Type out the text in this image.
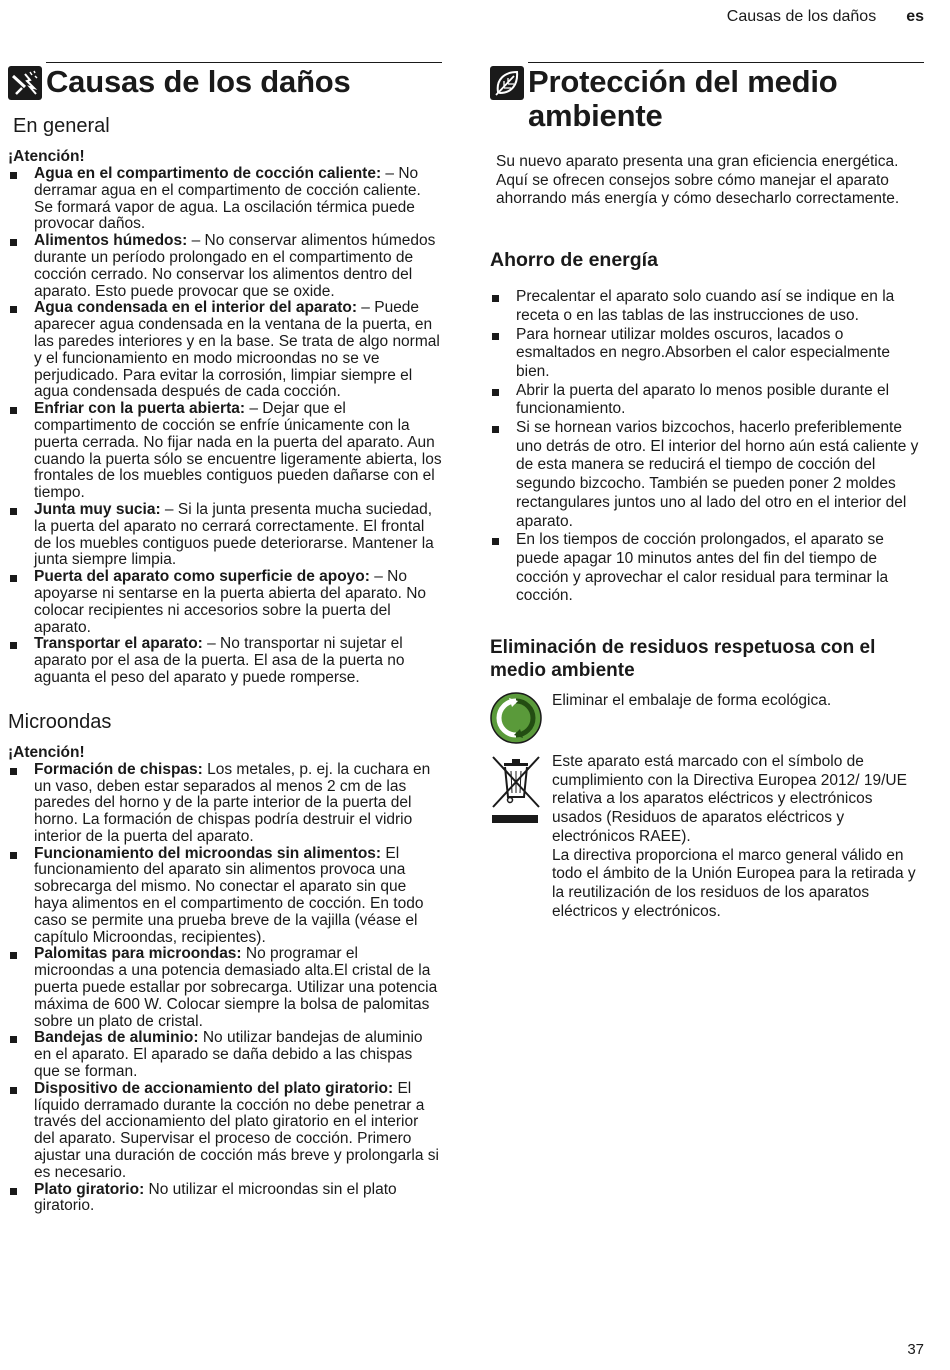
Causas de los daños es
Causas de los daños
En general

¡Atención!

Agua en el compartimento de cocción caliente: – No derramar agua en el compartimento de cocción caliente. Se formará vapor de agua. La oscilación térmica puede provocar daños.
Alimentos húmedos: – No conservar alimentos húmedos durante un período prolongado en el compartimento de cocción cerrado. No conservar los alimentos dentro del aparato. Esto puede provocar que se oxide.
Agua condensada en el interior del aparato: – Puede aparecer agua condensada en la ventana de la puerta, en las paredes interiores y en la base. Se trata de algo normal y el funcionamiento en modo microondas no se ve perjudicado. Para evitar la corrosión, limpiar siempre el agua condensada después de cada cocción.
Enfriar con la puerta abierta: – Dejar que el compartimento de cocción se enfríe únicamente con la puerta cerrada. No fijar nada en la puerta del aparato. Aun cuando la puerta sólo se encuentre ligeramente abierta, los frontales de los muebles contiguos pueden dañarse con el tiempo.
Junta muy sucia: – Si la junta presenta mucha suciedad, la puerta del aparato no cerrará correctamente. El frontal de los muebles contiguos puede deteriorarse. Mantener la junta siempre limpia.
Puerta del aparato como superficie de apoyo: – No apoyarse ni sentarse en la puerta abierta del aparato. No colocar recipientes ni accesorios sobre la puerta del aparato.
Transportar el aparato: – No transportar ni sujetar el aparato por el asa de la puerta. El asa de la puerta no aguanta el peso del aparato y puede romperse.
Microondas

¡Atención!

Formación de chispas: Los metales, p. ej. la cuchara en un vaso, deben estar separados al menos 2 cm de las paredes del horno y de la parte interior de la puerta del horno. La formación de chispas podría destruir el vidrio interior de la puerta del aparato.
Funcionamiento del microondas sin alimentos: El funcionamiento del aparato sin alimentos provoca una sobrecarga del mismo. No conectar el aparato sin que haya alimentos en el compartimento de cocción. En todo caso se permite una prueba breve de la vajilla (véase el capítulo Microondas, recipientes).
Palomitas para microondas: No programar el microondas a una potencia demasiado alta.El cristal de la puerta puede estallar por sobrecarga. Utilizar una potencia máxima de 600 W. Colocar siempre la bolsa de palomitas sobre un plato de cristal.
Bandejas de aluminio: No utilizar bandejas de aluminio en el aparato. El aparado se daña debido a las chispas que se forman.
Dispositivo de accionamiento del plato giratorio: El líquido derramado durante la cocción no debe penetrar a través del accionamiento del plato giratorio en el interior del aparato. Supervisar el proceso de cocción. Primero ajustar una duración de cocción más breve y prolongarla si es necesario.
Plato giratorio: No utilizar el microondas sin el plato giratorio.
Protección del medio ambiente

Su nuevo aparato presenta una gran eficiencia energética. Aquí se ofrecen consejos sobre cómo manejar el aparato ahorrando más energía y cómo desecharlo correctamente.

Ahorro de energía
Precalentar el aparato solo cuando así se indique en la receta o en las tablas de las instrucciones de uso.
Para hornear utilizar moldes oscuros, lacados o esmaltados en negro.Absorben el calor especialmente bien.
Abrir la puerta del aparato lo menos posible durante el funcionamiento.
Si se hornean varios bizcochos, hacerlo preferiblemente uno detrás de otro. El interior del horno aún está caliente y de esta manera se reducirá el tiempo de cocción del segundo bizcocho. También se pueden poner 2 moldes rectangulares juntos uno al lado del otro en el interior del aparato.
En los tiempos de cocción prolongados, el aparato se puede apagar 10 minutos antes del fin del tiempo de cocción y aprovechar el calor residual para terminar la cocción.
Eliminación de residuos respetuosa con el medio ambiente
Eliminar el embalaje de forma ecológica.
Este aparato está marcado con el símbolo de cumplimiento con la Directiva Europea 2012/ 19/UE relativa a los aparatos eléctricos y electrónicos usados (Residuos de aparatos eléctricos y electrónicos RAEE).
La directiva proporciona el marco general válido en todo el ámbito de la Unión Europea para la retirada y la reutilización de los residuos de los aparatos eléctricos y electrónicos.
37
